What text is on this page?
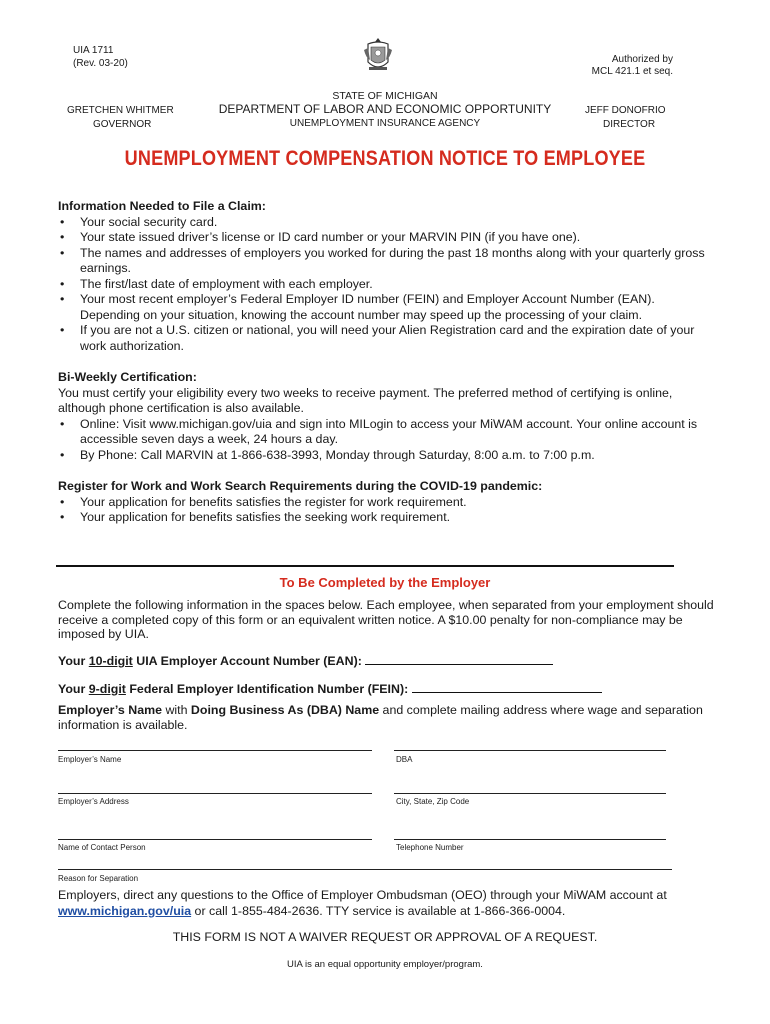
UIA 1711
(Rev. 03-20)	Authorized by
MCL 421.1 et seq.
STATE OF MICHIGAN
DEPARTMENT OF LABOR AND ECONOMIC OPPORTUNITY
UNEMPLOYMENT INSURANCE AGENCY
GRETCHEN WHITMER
GOVERNOR
JEFF DONOFRIO
DIRECTOR
UNEMPLOYMENT COMPENSATION NOTICE TO EMPLOYEE

Information Needed to File a Claim:

• Your social security card.
• Your state issued driver’s license or ID card number or your MARVIN PIN (if you have one).
• The names and addresses of employers you worked for during the past 18 months along with your quarterly gross earnings.
• The first/last date of employment with each employer.
• Your most recent employer’s Federal Employer ID number (FEIN) and Employer Account Number (EAN). Depending on your situation, knowing the account number may speed up the processing of your claim.
• If you are not a U.S. citizen or national, you will need your Alien Registration card and the expiration date of your work authorization.

Bi-Weekly Certification:

You must certify your eligibility every two weeks to receive payment. The preferred method of certifying is online, although phone certification is also available.

• Online: Visit www.michigan.gov/uia and sign into MILogin to access your MiWAM account. Your online account is accessible seven days a week, 24 hours a day.
• By Phone: Call MARVIN at 1-866-638-3993, Monday through Saturday, 8:00 a.m. to 7:00 p.m.

Register for Work and Work Search Requirements during the COVID-19 pandemic:

• Your application for benefits satisfies the register for work requirement.
• Your application for benefits satisfies the seeking work requirement.
To Be Completed by the Employer
Complete the following information in the spaces below. Each employee, when separated from your employment should receive a completed copy of this form or an equivalent written notice. A $10.00 penalty for non-compliance may be imposed by UIA.
Your 10-digit UIA Employer Account Number (EAN):
Your 9-digit Federal Employer Identification Number (FEIN):
Employer’s Name with Doing Business As (DBA) Name and complete mailing address where wage and separation information is available.
Employer’s Name	DBA
Employer’s Address	City, State, Zip Code
Name of Contact Person	Telephone Number
Reason for Separation
Employers, direct any questions to the Office of Employer Ombudsman (OEO) through your MiWAM account at
www.michigan.gov/uia or call 1-855-484-2636. TTY service is available at 1-866-366-0004.
THIS FORM IS NOT A WAIVER REQUEST OR APPROVAL OF A REQUEST.
UIA is an equal opportunity employer/program.
